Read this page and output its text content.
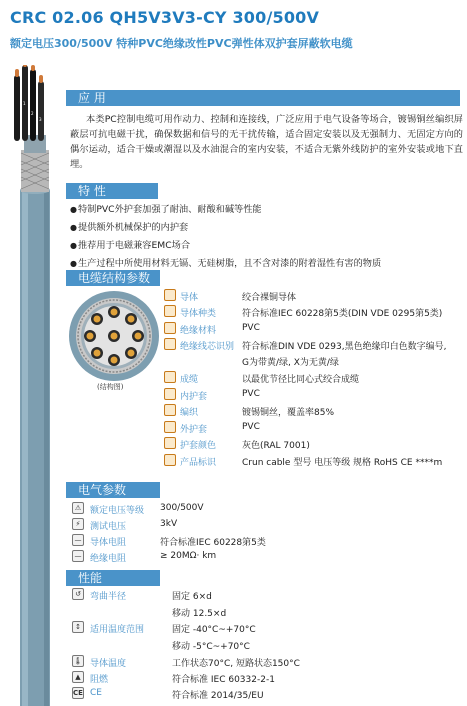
CRC 02.06 QH5V3V3-CY 300/500V
额定电压300/500V 特种PVC绝缘改性PVC弹性体双护套屏蔽软电缆
1
2
3
应 用
本类PC控制电缆可用作动力、控制和连接线，广泛应用于电气设备等场合，镀锡铜丝编织屏蔽层可抗电磁干扰，确保数据和信号的无干扰传输，适合固定安装以及无强制力、无固定方向的偶尔运动，适合干燥或潮湿以及水油混合的室内安装，不适合无紫外线防护的室外安装或地下直埋。
特 性
● 特制PVC外护套加强了耐油、耐酸和碱等性能
● 提供额外机械保护的内护套
● 推荐用于电磁兼容EMC场合
● 生产过程中所使用材料无镉、无硅树脂，且不含对漆的附着湿性有害的物质
电缆结构参数
(结构图)
导体	绞合裸铜导体
导体种类	符合标准IEC 60228第5类(DIN VDE 0295第5类)
绝缘材料	PVC
绝缘线芯识别 符合标准DIN VDE 0293,黑色绝缘印白色数字编号,
G为带黄/绿, X为无黄/绿
成缆	以最优节径比同心式绞合成缆
内护套	PVC
编织	镀锡铜丝，覆盖率85%
外护套	PVC
护套颜色	灰色(RAL 7001)
产品标识	Crun cable 型号 电压等级 规格 RoHS CE ****m
电气参数
⚠ 额定电压等级 300/500V
⚡	测试电压	3kV
— 导体电阻	符合标准IEC 60228第5类
— 绝缘电阻	≥ 20MΩ· km
性能
↺	弯曲半径	固定 6×d
移动 12.5×d
↕	适用温度范围	固定 -40°C~+70°C
移动 -5°C~+70°C
🌡 导体温度	工作状态70°C, 短路状态150°C
▲	阻燃	符合标准 IEC 60332-2-1
CE CE	符合标准 2014/35/EU
